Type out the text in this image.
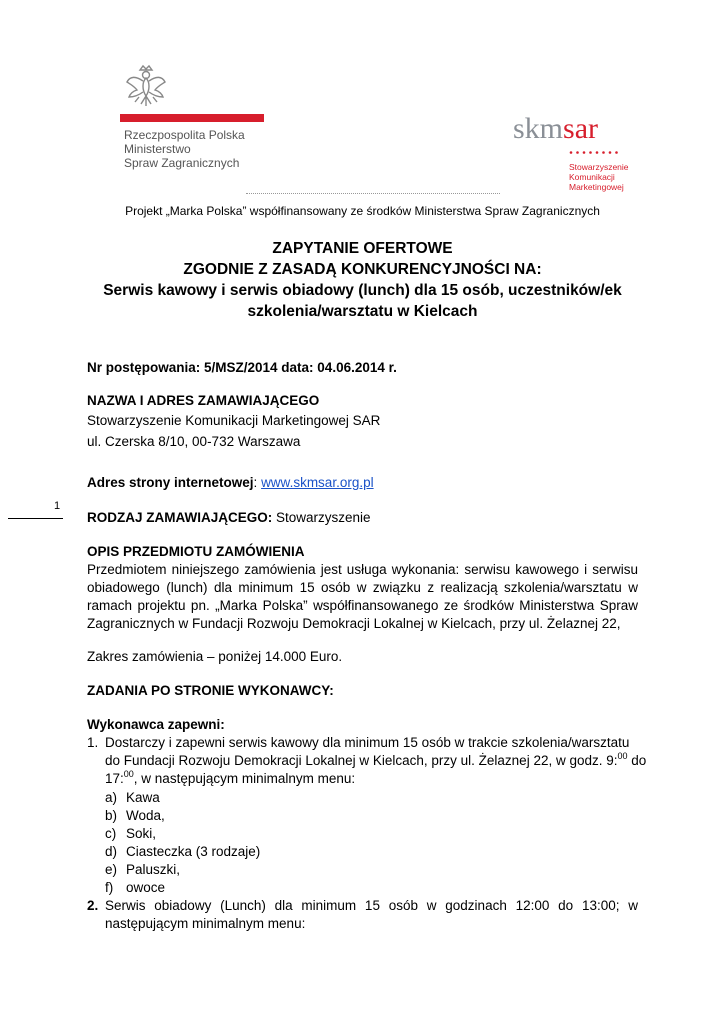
Rzeczpospolita Polska
Ministerstwo
Spraw Zagranicznych
skmsar
Stowarzyszenie
Komunikacji
Marketingowej
Projekt „Marka Polska” współfinansowany ze środków Ministerstwa Spraw Zagranicznych
ZAPYTANIE OFERTOWE
ZGODNIE Z ZASADĄ KONKURENCYJNOŚCI NA:
Serwis kawowy i serwis obiadowy (lunch) dla 15 osób, uczestników/ek
szkolenia/warsztatu w Kielcach
Nr postępowania: 5/MSZ/2014 data: 04.06.2014 r.
NAZWA I ADRES ZAMAWIAJĄCEGO
Stowarzyszenie Komunikacji Marketingowej SAR
ul. Czerska 8/10, 00-732 Warszawa
Adres strony internetowej: www.skmsar.org.pl
1
RODZAJ ZAMAWIAJĄCEGO: Stowarzyszenie
OPIS PRZEDMIOTU ZAMÓWIENIA
Przedmiotem niniejszego zamówienia jest usługa wykonania: serwisu kawowego i serwisu
obiadowego (lunch) dla minimum 15 osób w związku z realizacją szkolenia/warsztatu w
ramach projektu pn. „Marka Polska” współfinansowanego ze środków Ministerstwa Spraw
Zagranicznych w Fundacji Rozwoju Demokracji Lokalnej w Kielcach, przy ul. Żelaznej 22,
Zakres zamówienia – poniżej 14.000 Euro.
ZADANIA PO STRONIE WYKONAWCY:
Wykonawca zapewni:
1. Dostarczy i zapewni serwis kawowy dla minimum 15 osób w trakcie szkolenia/warsztatu
do Fundacji Rozwoju Demokracji Lokalnej w Kielcach, przy ul. Żelaznej 22, w godz. 9:$^{00}$ do
17:$^{00}$, w następującym minimalnym menu:
a) Kawa
b) Woda,
c) Soki,
d) Ciasteczka (3 rodzaje)
e) Paluszki,
f) owoce
2. Serwis obiadowy (Lunch) dla minimum 15 osób w godzinach 12:00 do 13:00; w
następującym minimalnym menu:
